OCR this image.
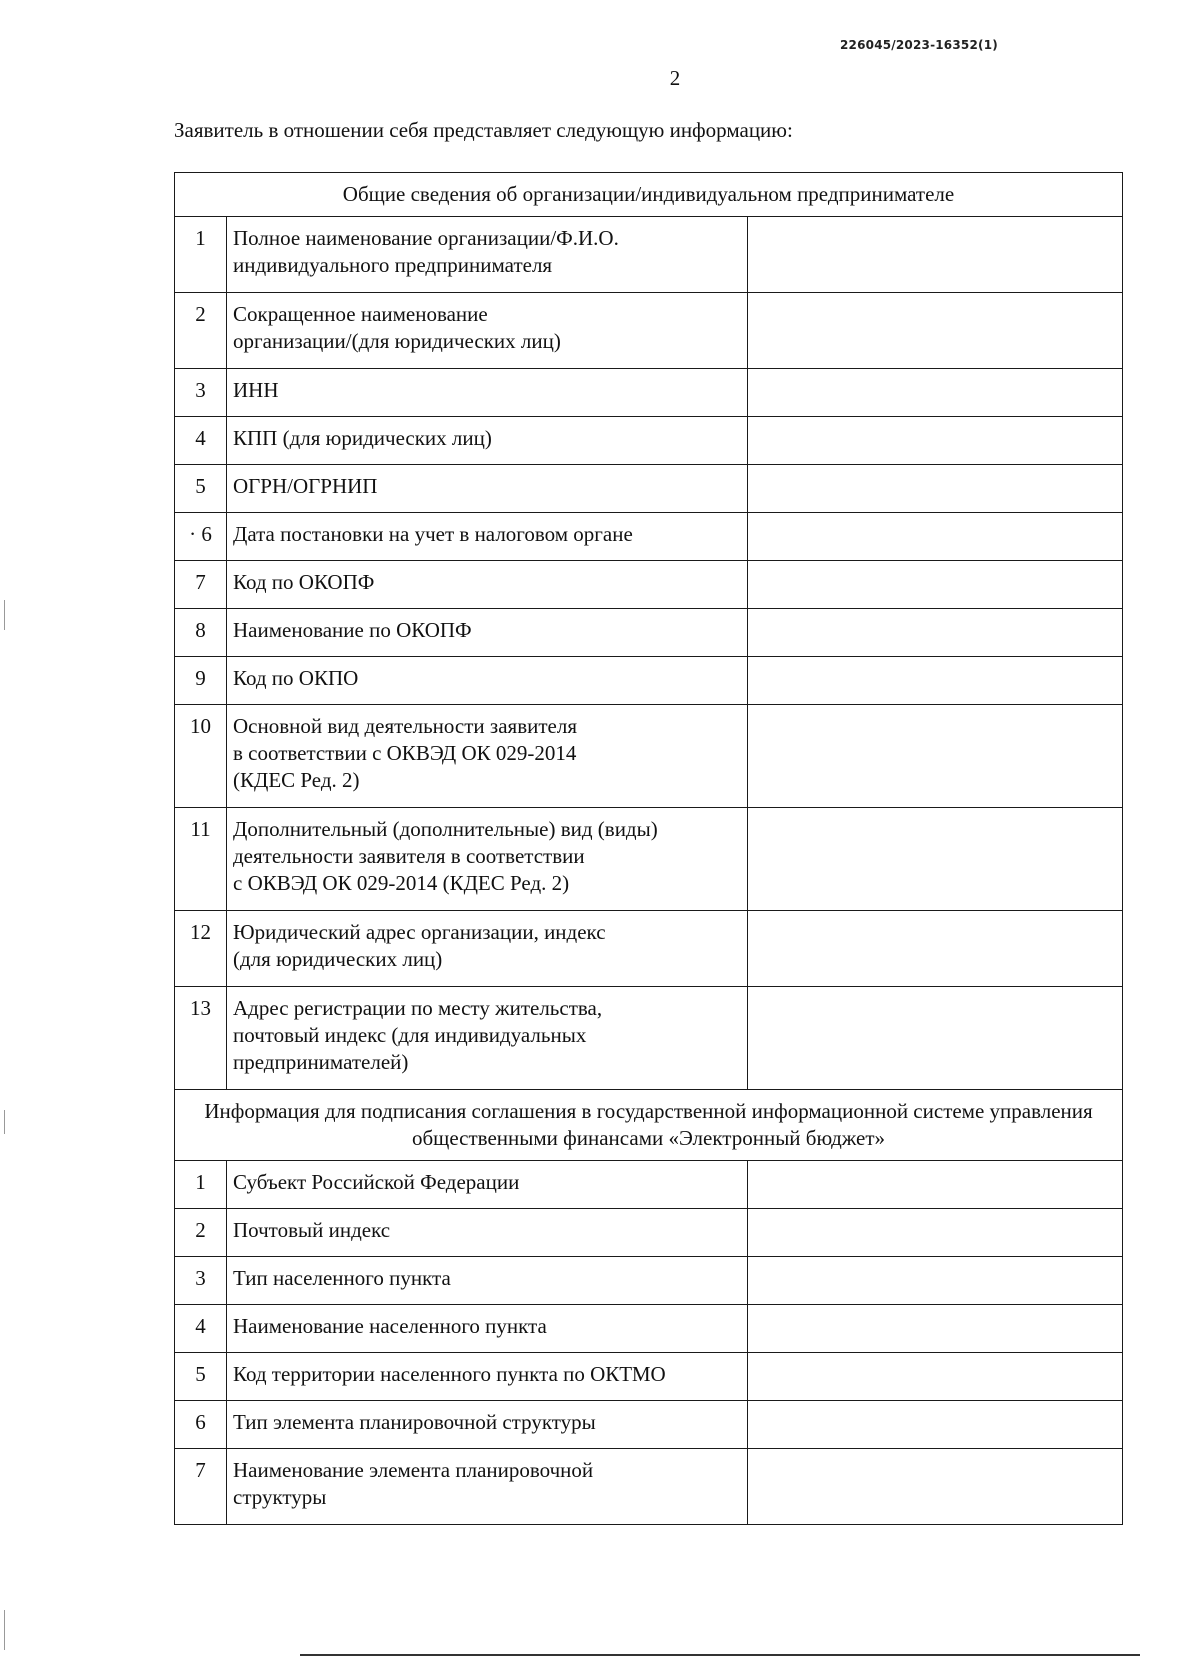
226045/2023-16352(1)
2
Заявитель в отношении себя представляет следующую информацию:
Общие сведения об организации/индивидуальном предпринимателе		
1	Полное наименование организации/Ф.И.О.
индивидуального предпринимателя	
2	Сокращенное наименование
организации/(для юридических лиц)	
3	ИНН	
4	КПП (для юридических лиц)	
5	ОГРН/ОГРНИП	
· 6	Дата постановки на учет в налоговом органе	
7	Код по ОКОПФ	
8	Наименование по ОКОПФ	
9	Код по ОКПО	
10	Основной вид деятельности заявителя
в соответствии с ОКВЭД ОК 029-2014
(КДЕС Ред. 2)	
11	Дополнительный (дополнительные) вид (виды)
деятельности заявителя в соответствии
с ОКВЭД ОК 029-2014 (КДЕС Ред. 2)	
12	Юридический адрес организации, индекс
(для юридических лиц)	
13	Адрес регистрации по месту жительства,
почтовый индекс (для индивидуальных
предпринимателей)	
Информация для подписания соглашения в государственной информационной системе управления общественными финансами «Электронный бюджет»		
1	Субъект Российской Федерации	
2	Почтовый индекс	
3	Тип населенного пункта	
4	Наименование населенного пункта	
5	Код территории населенного пункта по ОКТМО	
6	Тип элемента планировочной структуры	
7	Наименование элемента планировочной
структуры	
